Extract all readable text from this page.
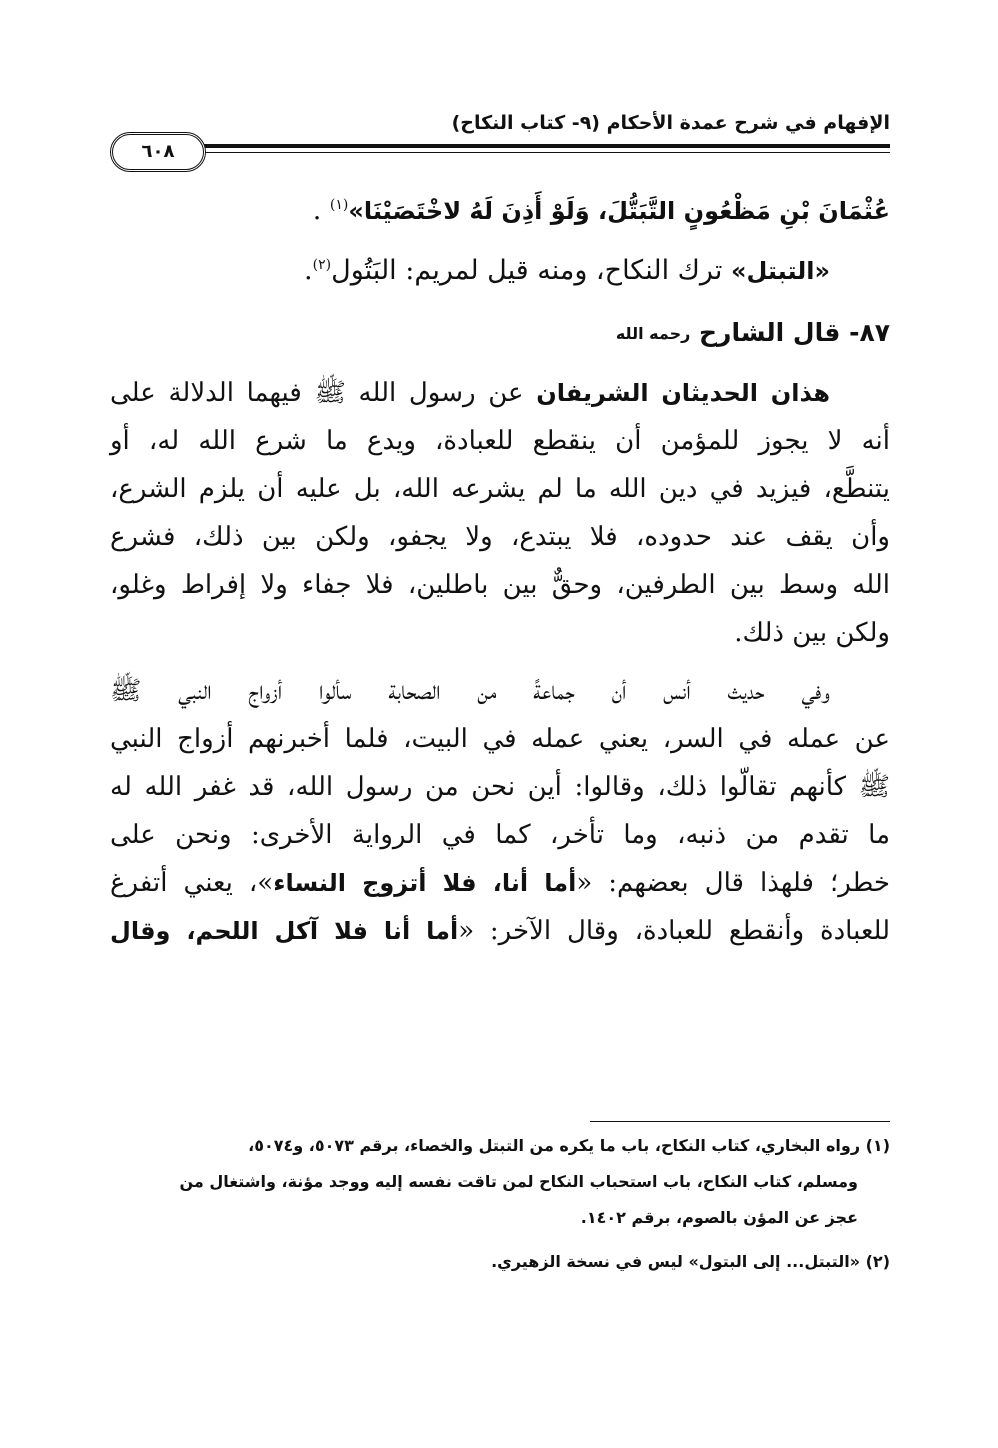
الإفهام في شرح عمدة الأحكام (٩- كتاب النكاح)
٦٠٨
عُثْمَانَ بْنِ مَظْعُونٍ التَّبَتُّلَ، وَلَوْ أَذِنَ لَهُ لاخْتَصَيْنَا»$^{(١)}$ .
«التبتل» ترك النكاح، ومنه قيل لمريم: البَتُول$^{(٢)}$.
٨٧- قال الشارح رحمه الله
هذان الحديثان الشريفان عن رسول الله ﷺ فيهما الدلالة على
أنه لا يجوز للمؤمن أن ينقطع للعبادة، ويدع ما شرع الله له، أو
يتنطَّع، فيزيد في دين الله ما لم يشرعه الله، بل عليه أن يلزم الشرع،
وأن يقف عند حدوده، فلا يبتدع، ولا يجفو، ولكن بين ذلك، فشرع
الله وسط بين الطرفين، وحقٌّ بين باطلين، فلا جفاء ولا إفراط وغلو،
ولكن بين ذلك.
وفي حديث أنس أن جماعةً من الصحابة سألوا أزواج النبي ﷺ
عن عمله في السر، يعني عمله في البيت، فلما أخبرنهم أزواج النبي
ﷺ كأنهم تقالّوا ذلك، وقالوا: أين نحن من رسول الله، قد غفر الله له
ما تقدم من ذنبه، وما تأخر، كما في الرواية الأخرى: ونحن على
خطر؛ فلهذا قال بعضهم: «أما أنا، فلا أتزوج النساء»، يعني أتفرغ
للعبادة وأنقطع للعبادة، وقال الآخر: «أما أنا فلا آكل اللحم، وقال
(١) رواه البخاري، كتاب النكاح، باب ما يكره من التبتل والخصاء، برقم ٥٠٧٣، و٥٠٧٤،
ومسلم، كتاب النكاح، باب استحباب النكاح لمن تاقت نفسه إليه ووجد مؤنة، واشتغال من
عجز عن المؤن بالصوم، برقم ١٤٠٢.
(٢) «التبتل... إلى البتول» ليس في نسخة الزهيري.
